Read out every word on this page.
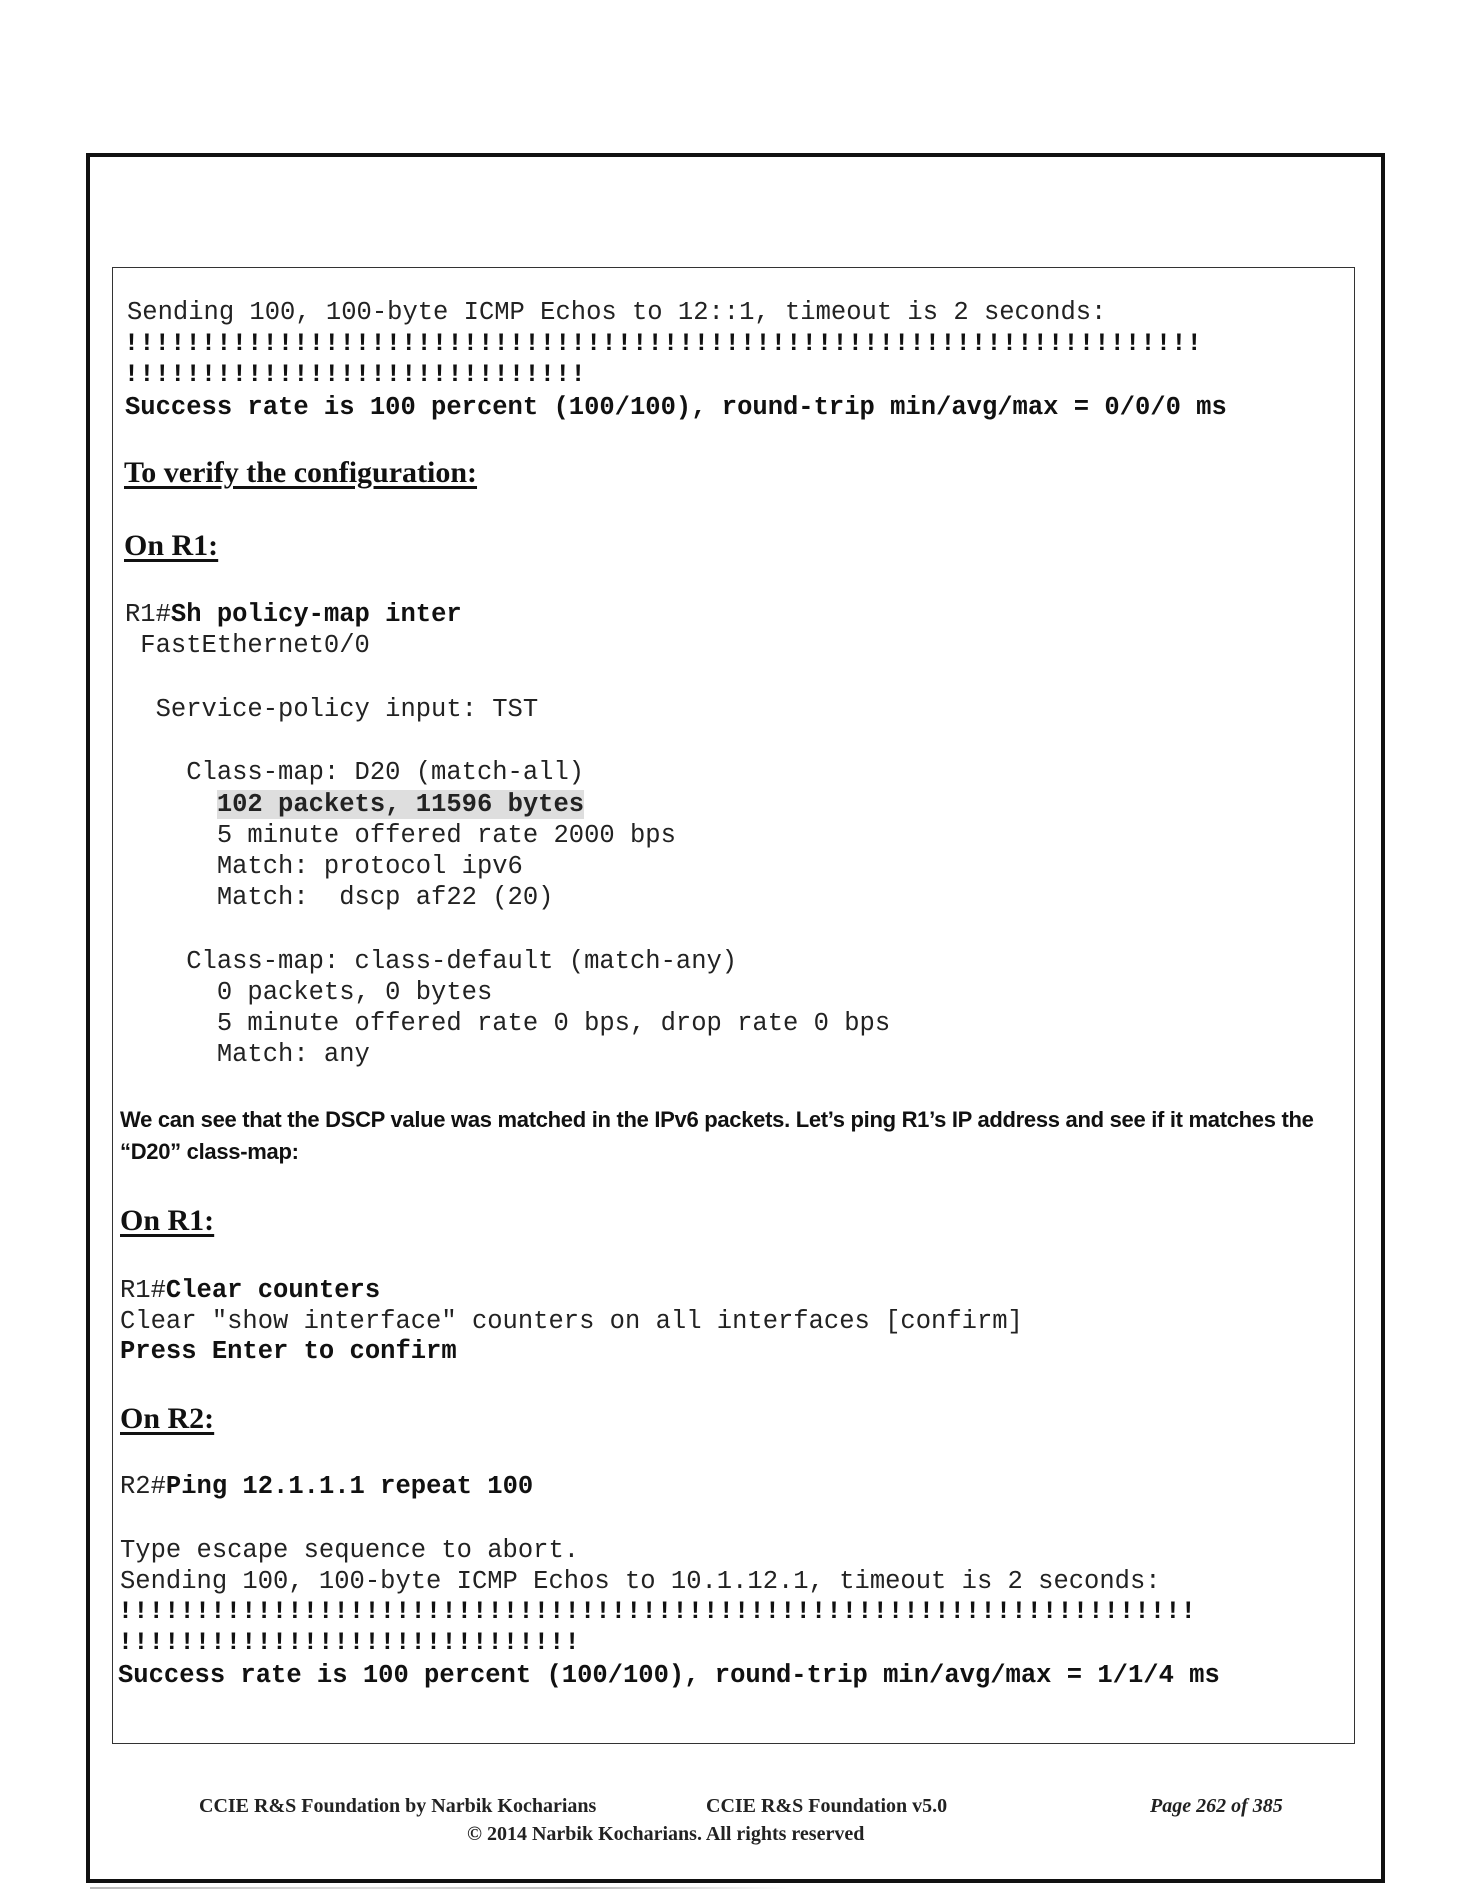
Sending 100, 100-byte ICMP Echos to 12::1, timeout is 2 seconds:
!!!!!!!!!!!!!!!!!!!!!!!!!!!!!!!!!!!!!!!!!!!!!!!!!!!!!!!!!!!!!!!!!!!!!!
!!!!!!!!!!!!!!!!!!!!!!!!!!!!!!
Success rate is 100 percent (100/100), round-trip min/avg/max = 0/0/0 ms
To verify the configuration:
On R1:
R1#Sh policy-map inter
FastEthernet0/0
Service-policy input: TST
Class-map: D20 (match-all)
102 packets, 11596 bytes
5 minute offered rate 2000 bps
Match: protocol ipv6
Match:  dscp af22 (20)
Class-map: class-default (match-any)
0 packets, 0 bytes
5 minute offered rate 0 bps, drop rate 0 bps
Match: any
We can see that the DSCP value was matched in the IPv6 packets. Let’s ping R1’s IP address and see if it matches the “D20” class-map:
On R1:
R1#Clear counters
Clear "show interface" counters on all interfaces [confirm]
Press Enter to confirm
On R2:
R2#Ping 12.1.1.1 repeat 100
Type escape sequence to abort.
Sending 100, 100-byte ICMP Echos to 10.1.12.1, timeout is 2 seconds:
!!!!!!!!!!!!!!!!!!!!!!!!!!!!!!!!!!!!!!!!!!!!!!!!!!!!!!!!!!!!!!!!!!!!!!
!!!!!!!!!!!!!!!!!!!!!!!!!!!!!!
Success rate is 100 percent (100/100), round-trip min/avg/max = 1/1/4 ms
CCIE R&S Foundation by Narbik Kocharians	CCIE R&S Foundation v5.0	Page 262 of 385
© 2014 Narbik Kocharians. All rights reserved
